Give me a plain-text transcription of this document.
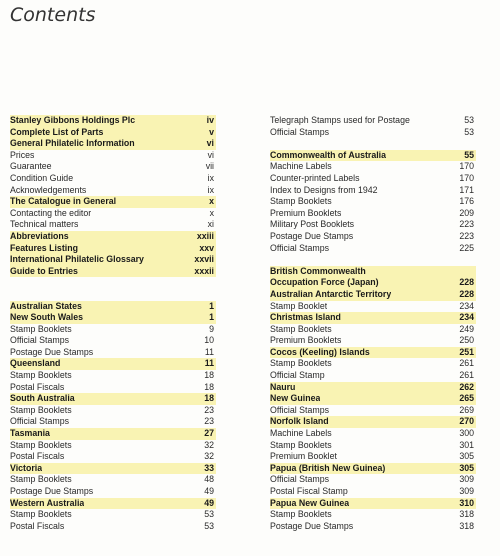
Contents
Stanley Gibbons Holdings Plc	iv
Complete List of Parts	v
General Philatelic Information	vi
Prices	vi
Guarantee	vii
Condition Guide	ix
Acknowledgements	ix
The Catalogue in General	x
Contacting the editor	x
Technical matters	xi
Abbreviations	xxiii
Features Listing	xxv
International Philatelic Glossary	xxvii
Guide to Entries	xxxii
Australian States	1
New South Wales	1
Stamp Booklets	9
Official Stamps	10
Postage Due Stamps	11
Queensland	11
Stamp Booklets	18
Postal Fiscals	18
South Australia	18
Stamp Booklets	23
Official Stamps	23
Tasmania	27
Stamp Booklets	32
Postal Fiscals	32
Victoria	33
Stamp Booklets	48
Postage Due Stamps	49
Western Australia	49
Stamp Booklets	53
Postal Fiscals	53
Telegraph Stamps used for Postage	53
Official Stamps	53
Commonwealth of Australia	55
Machine Labels	170
Counter-printed Labels	170
Index to Designs from 1942	171
Stamp Booklets	176
Premium Booklets	209
Military Post Booklets	223
Postage Due Stamps	223
Official Stamps	225
British Commonwealth
Occupation Force (Japan)	228
Australian Antarctic Territory	228
Stamp Booklet	234
Christmas Island	234
Stamp Booklets	249
Premium Booklets	250
Cocos (Keeling) Islands	251
Stamp Booklets	261
Official Stamp	261
Nauru	262
New Guinea	265
Official Stamps	269
Norfolk Island	270
Machine Labels	300
Stamp Booklets	301
Premium Booklet	305
Papua (British New Guinea)	305
Official Stamps	309
Postal Fiscal Stamp	309
Papua New Guinea	310
Stamp Booklets	318
Postage Due Stamps	318
